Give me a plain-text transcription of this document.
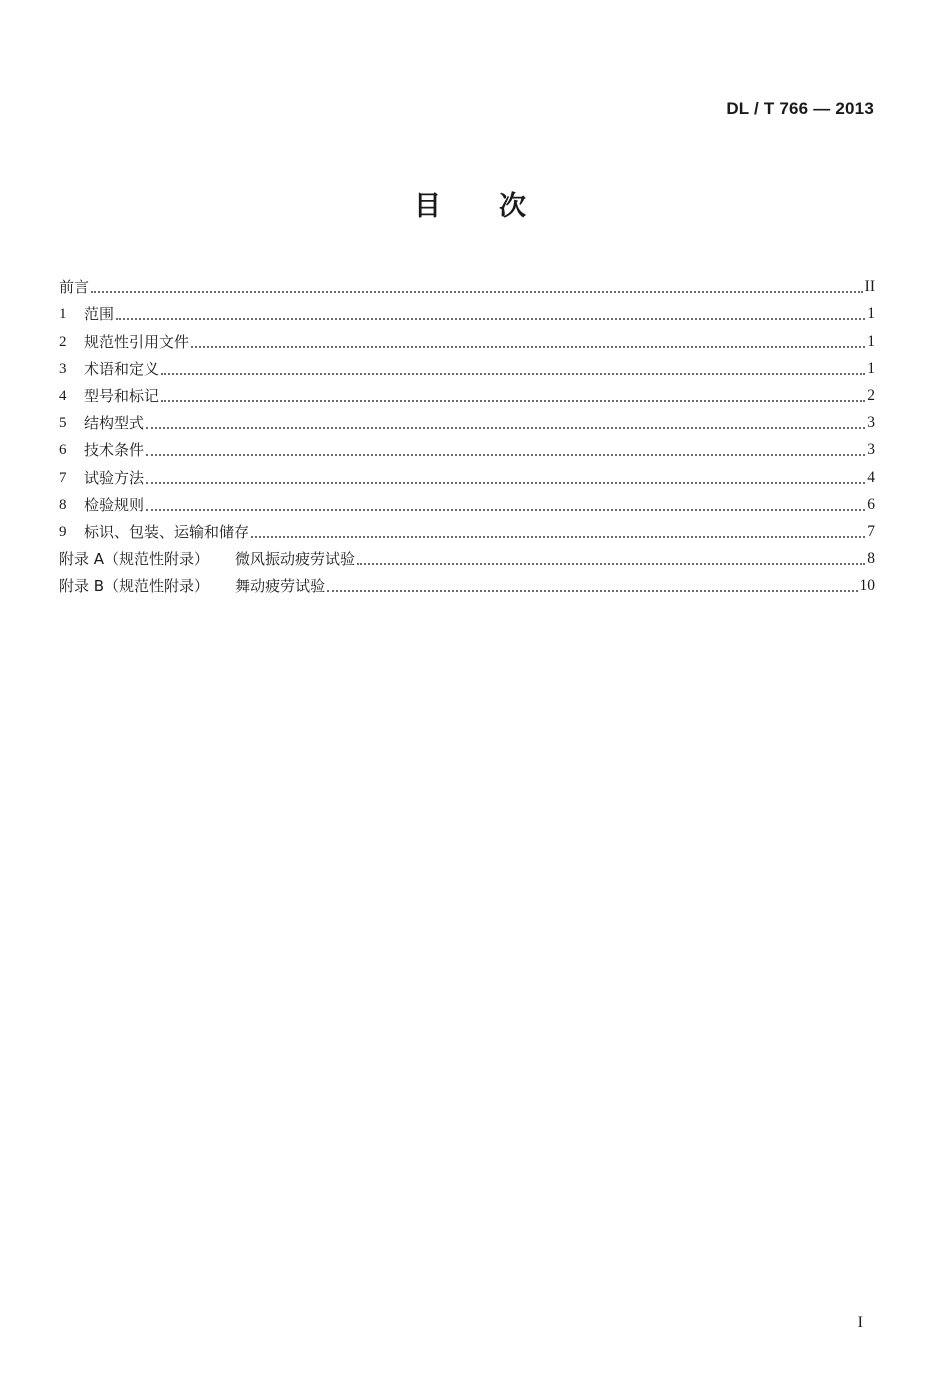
DL / T 766 — 2013
目次
前言	II
1	范围	1
2	规范性引用文件	1
3	术语和定义	1
4	型号和标记	2
5	结构型式	3
6	技术条件	3
7	试验方法	4
8	检验规则	6
9	标识、包装、运输和储存	7
附录 A（规范性附录） 微风振动疲劳试验	8
附录 B（规范性附录） 舞动疲劳试验	10
I
